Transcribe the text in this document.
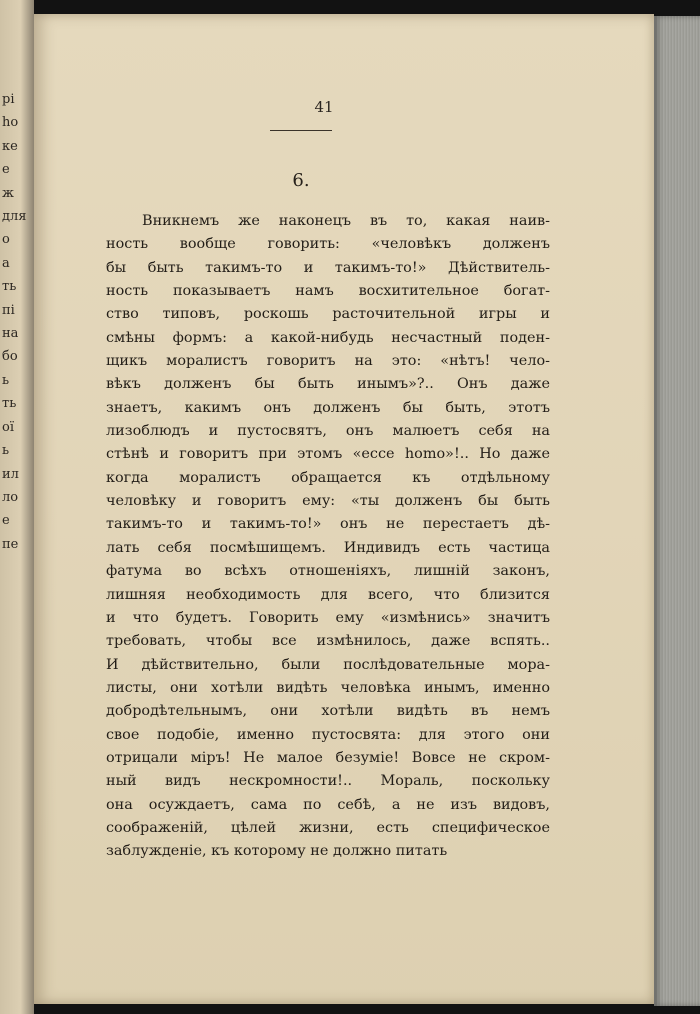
рі
ho
ке
е
ж
для
о
а
ть
пі
на
бо
ь
ть
ої
ь
ил
ло
е
пе
41
6.
Вникнемъ же наконецъ въ то, какая наив-
ность вообще говорить: «человѣкъ долженъ
бы быть такимъ-то и такимъ-то!» Дѣйствитель-
ность показываетъ намъ восхитительное богат-
ство типовъ, роскошь расточительной игры и
смѣны формъ: а какой-нибудь несчастный поден-
щикъ моралистъ говоритъ на это: «нѣтъ! чело-
вѣкъ долженъ бы быть инымъ»?.. Онъ даже
знаетъ, какимъ онъ долженъ бы быть, этотъ
лизоблюдъ и пустосвятъ, онъ малюетъ себя на
стѣнѣ и говоритъ при этомъ «ecce homo»!.. Но даже
когда моралистъ обращается къ отдѣльному
человѣку и говоритъ ему: «ты долженъ бы быть
такимъ-то и такимъ-то!» онъ не перестаетъ дѣ-
лать себя посмѣшищемъ. Индивидъ есть частица
фатума во всѣхъ отношеніяхъ, лишній законъ,
лишняя необходимость для всего, что близится
и что будетъ. Говорить ему «измѣнись» значитъ
требовать, чтобы все измѣнилось, даже вспять..
И дѣйствительно, были послѣдовательные мора-
листы, они хотѣли видѣть человѣка инымъ, именно
добродѣтельнымъ, они хотѣли видѣть въ немъ
свое подобіе, именно пустосвята: для этого они
отрицали міръ! Не малое безуміе! Вовсе не скром-
ный видъ нескромности!.. Мораль, поскольку
она осуждаетъ, сама по себѣ, а не изъ видовъ,
соображеній, цѣлей жизни, есть специфическое
заблужденіе, къ которому не должно питать
